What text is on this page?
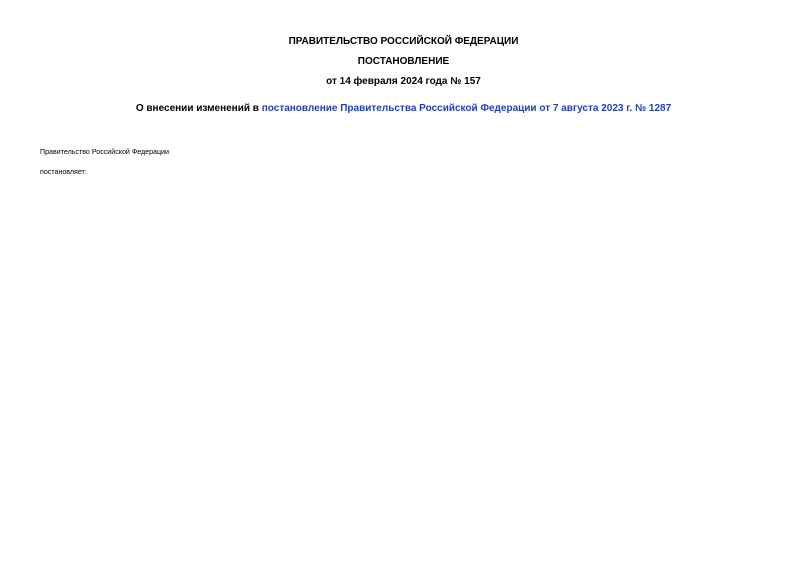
ПРАВИТЕЛЬСТВО РОССИЙСКОЙ ФЕДЕРАЦИИ
ПОСТАНОВЛЕНИЕ
от 14 февраля 2024 года № 157
О внесении изменений в постановление Правительства Российской Федерации от 7 августа 2023 г. № 1287
Правительство Российской Федерации
постановляет:
